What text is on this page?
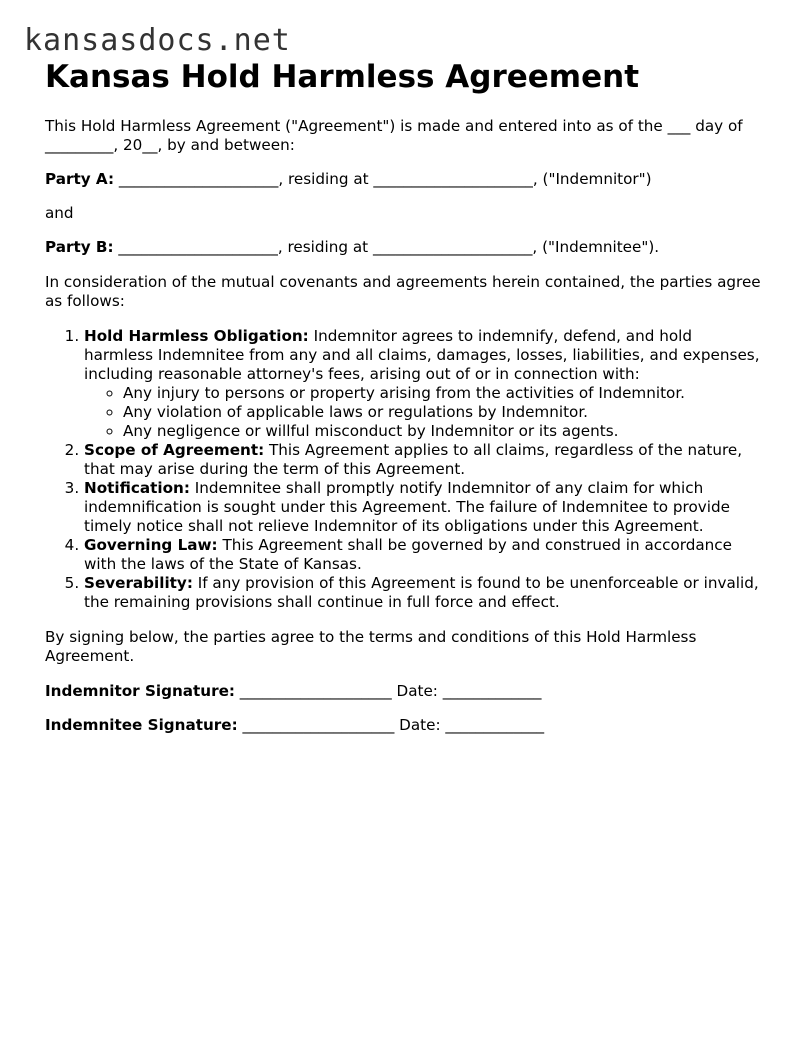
kansasdocs.net
Kansas Hold Harmless Agreement

This Hold Harmless Agreement ("Agreement") is made and entered into as of the ___ day of _________, 20__, by and between:

Party A: _____________________, residing at _____________________, ("Indemnitor")

and

Party B: _____________________, residing at _____________________, ("Indemnitee").

In consideration of the mutual covenants and agreements herein contained, the parties agree as follows:

1. Hold Harmless Obligation: Indemnitor agrees to indemnify, defend, and hold harmless Indemnitee from any and all claims, damages, losses, liabilities, and expenses, including reasonable attorney's fees, arising out of or in connection with:
◦ Any injury to persons or property arising from the activities of Indemnitor.
◦ Any violation of applicable laws or regulations by Indemnitor.
◦ Any negligence or willful misconduct by Indemnitor or its agents.
2. Scope of Agreement: This Agreement applies to all claims, regardless of the nature, that may arise during the term of this Agreement.
3. Notification: Indemnitee shall promptly notify Indemnitor of any claim for which indemnification is sought under this Agreement. The failure of Indemnitee to provide timely notice shall not relieve Indemnitor of its obligations under this Agreement.
4. Governing Law: This Agreement shall be governed by and construed in accordance with the laws of the State of Kansas.
5. Severability: If any provision of this Agreement is found to be unenforceable or invalid, the remaining provisions shall continue in full force and effect.

By signing below, the parties agree to the terms and conditions of this Hold Harmless Agreement.

Indemnitor Signature: ____________________ Date: _____________

Indemnitee Signature: ____________________ Date: _____________
